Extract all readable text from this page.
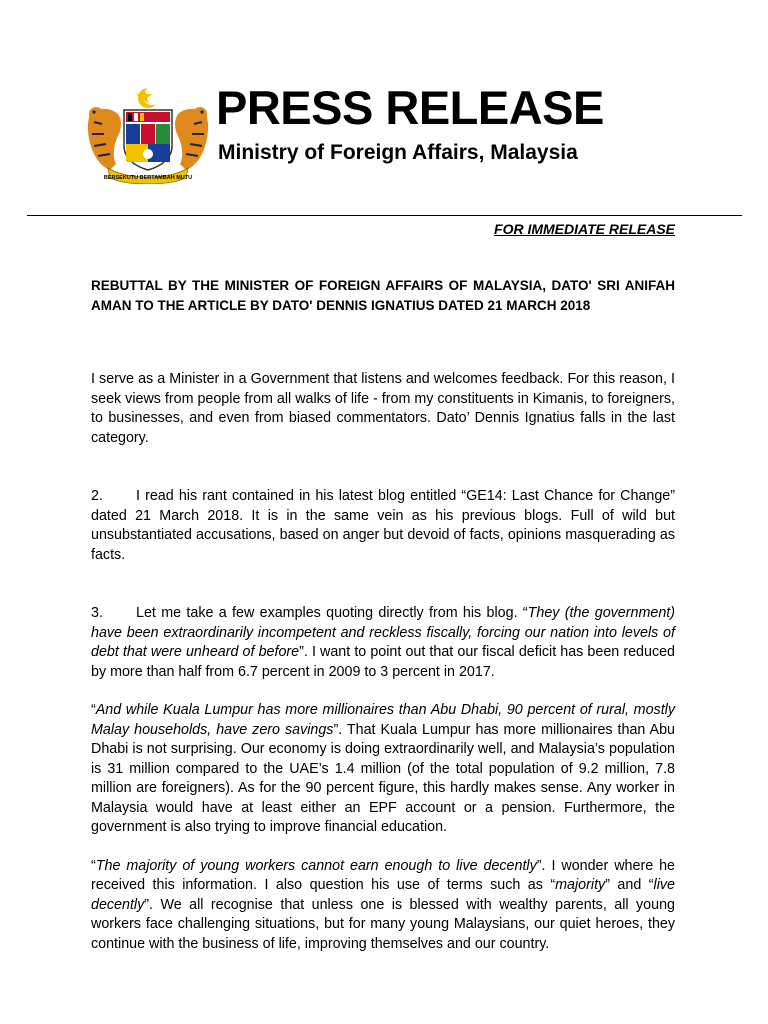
BERSEKUTU BERTAMBAH MUTU
PRESS RELEASE
Ministry of Foreign Affairs, Malaysia
FOR IMMEDIATE RELEASE

REBUTTAL BY THE MINISTER OF FOREIGN AFFAIRS OF MALAYSIA, DATO' SRI ANIFAH AMAN TO THE ARTICLE BY DATO' DENNIS IGNATIUS DATED 21 MARCH 2018

I serve as a Minister in a Government that listens and welcomes feedback. For this reason, I seek views from people from all walks of life - from my constituents in Kimanis, to foreigners, to businesses, and even from biased commentators. Dato’ Dennis Ignatius falls in the last category.

2. I read his rant contained in his latest blog entitled “GE14: Last Chance for Change” dated 21 March 2018. It is in the same vein as his previous blogs. Full of wild but unsubstantiated accusations, based on anger but devoid of facts, opinions masquerading as facts.

3. Let me take a few examples quoting directly from his blog. “They (the government) have been extraordinarily incompetent and reckless fiscally, forcing our nation into levels of debt that were unheard of before”. I want to point out that our fiscal deficit has been reduced by more than half from 6.7 percent in 2009 to 3 percent in 2017.

“And while Kuala Lumpur has more millionaires than Abu Dhabi, 90 percent of rural, mostly Malay households, have zero savings”. That Kuala Lumpur has more millionaires than Abu Dhabi is not surprising. Our economy is doing extraordinarily well, and Malaysia’s population is 31 million compared to the UAE’s 1.4 million (of the total population of 9.2 million, 7.8 million are foreigners). As for the 90 percent figure, this hardly makes sense. Any worker in Malaysia would have at least either an EPF account or a pension. Furthermore, the government is also trying to improve financial education.

“The majority of young workers cannot earn enough to live decently”. I wonder where he received this information. I also question his use of terms such as “majority” and “live decently”. We all recognise that unless one is blessed with wealthy parents, all young workers face challenging situations, but for many young Malaysians, our quiet heroes, they continue with the business of life, improving themselves and our country.
